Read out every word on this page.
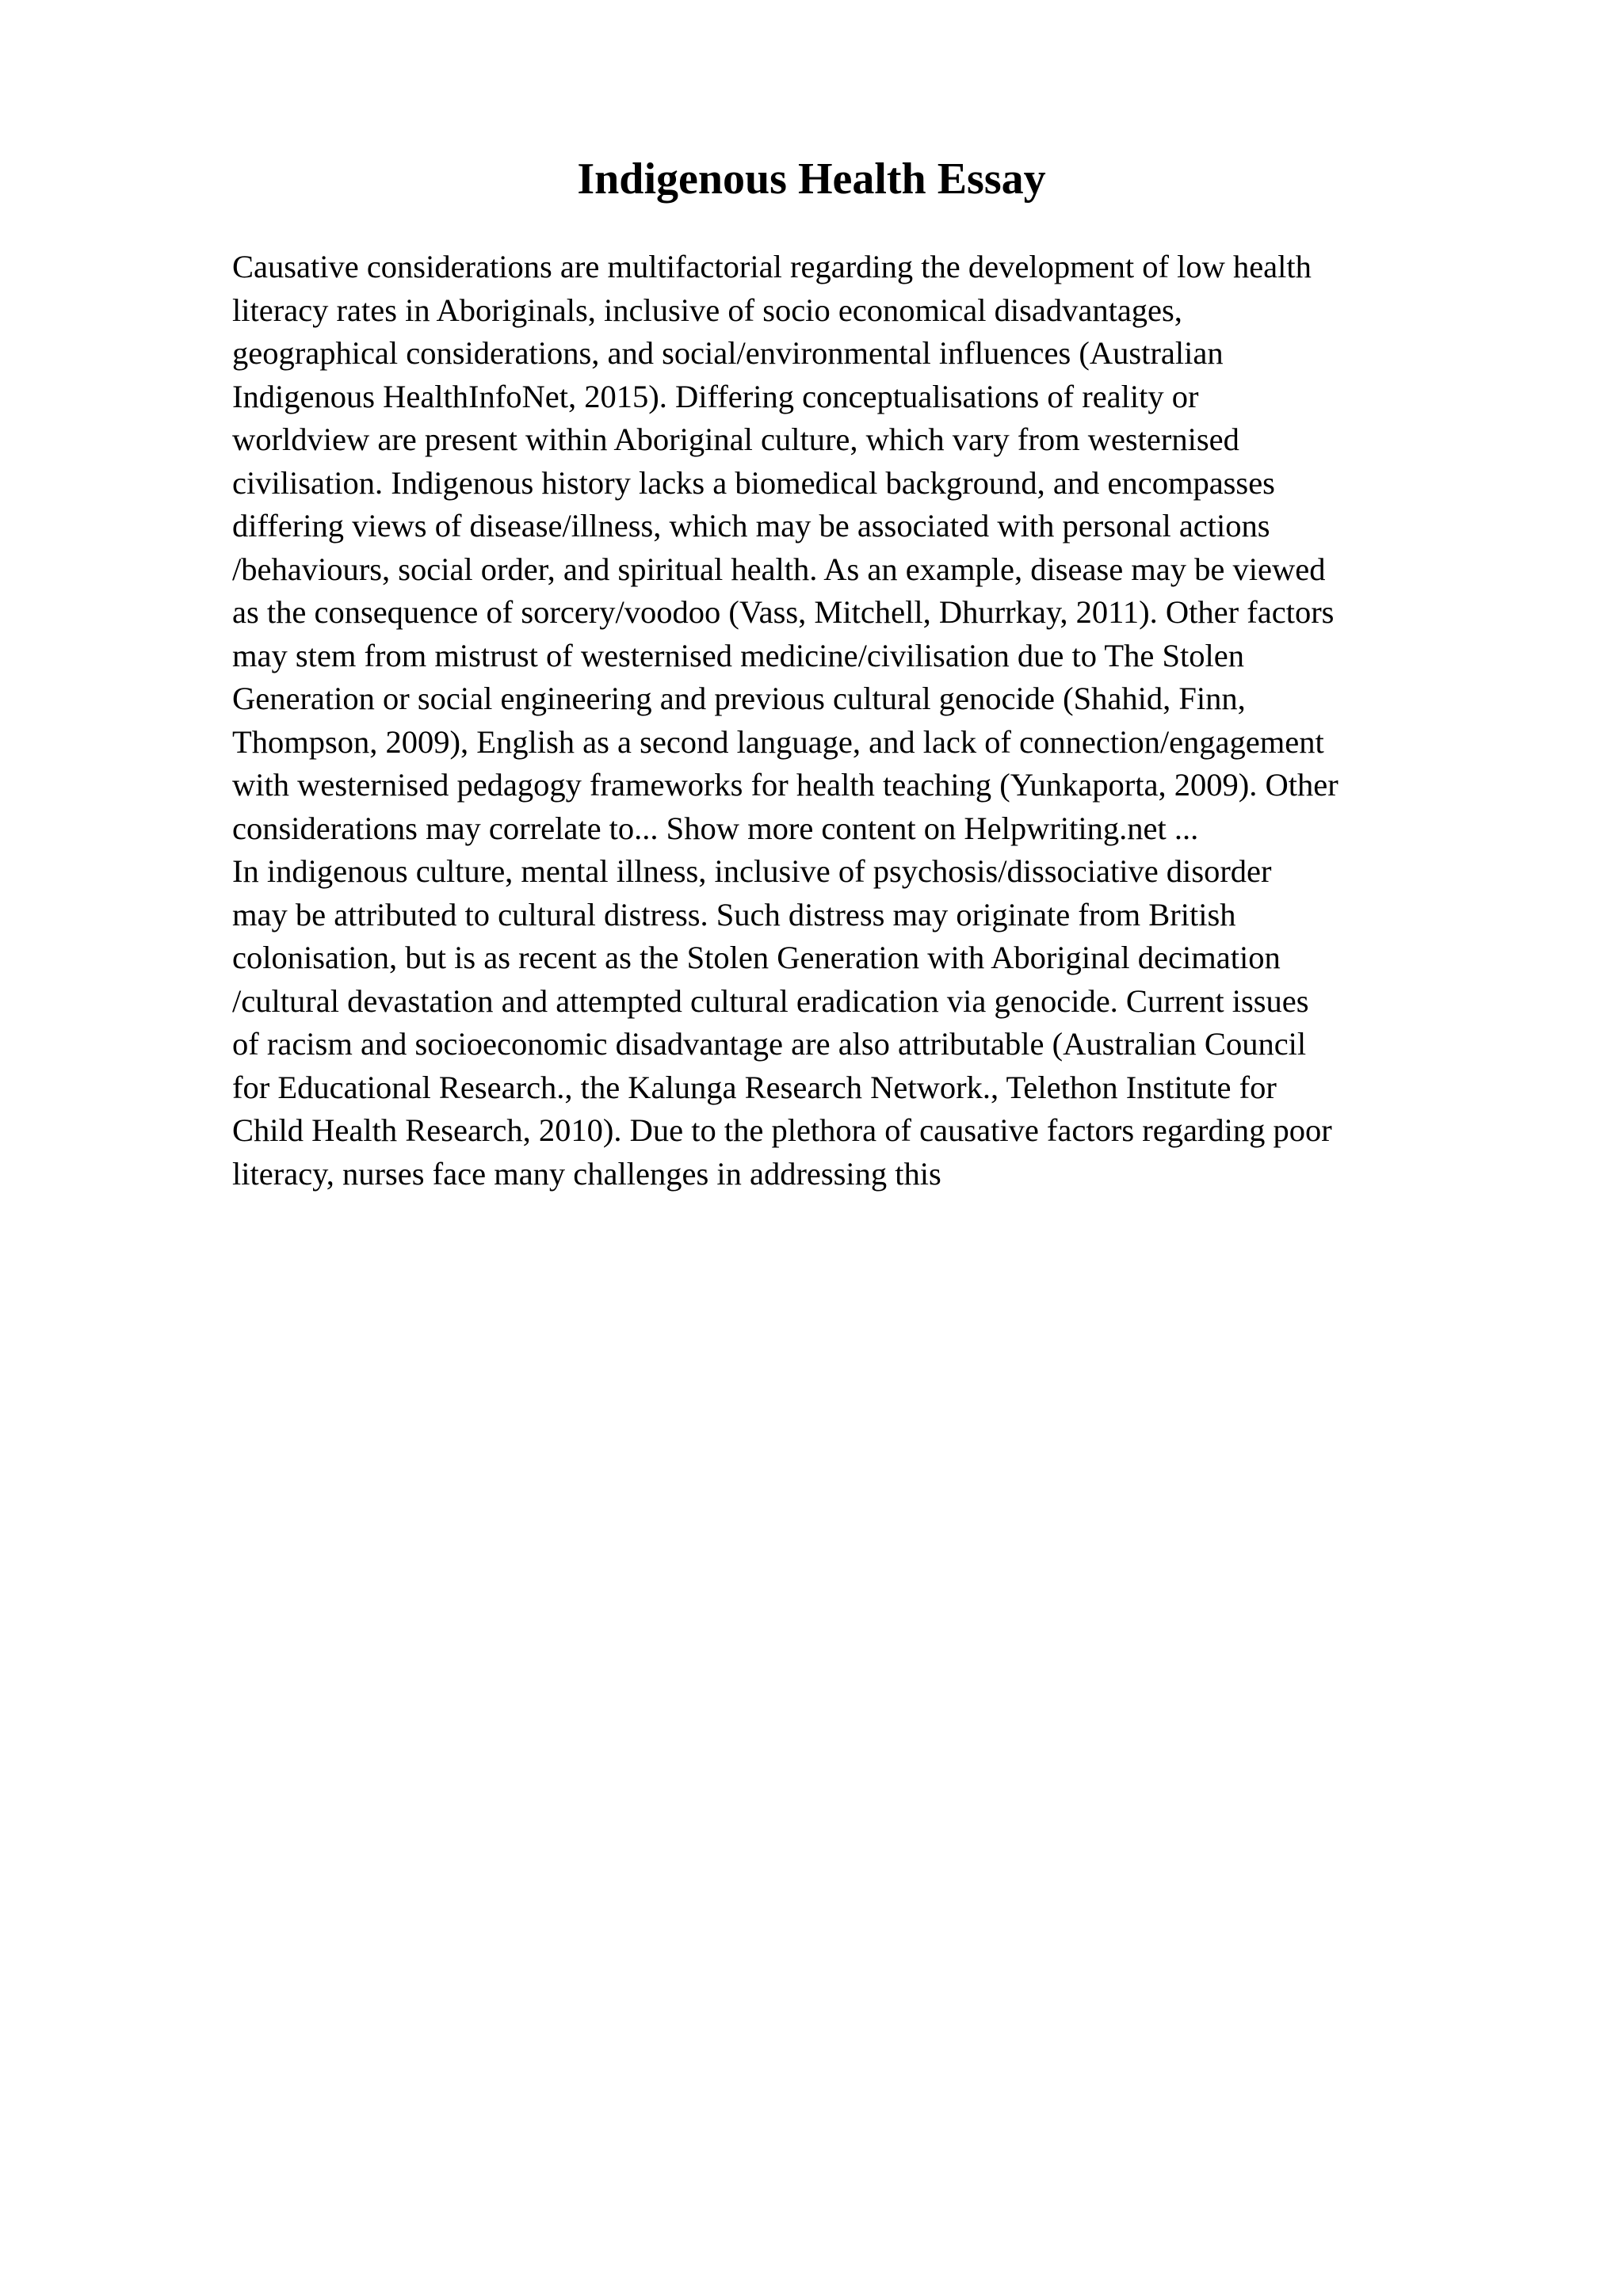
Indigenous Health Essay
Causative considerations are multifactorial regarding the development of low health
literacy rates in Aboriginals, inclusive of socio economical disadvantages,
geographical considerations, and social/environmental influences (Australian
Indigenous HealthInfoNet, 2015). Differing conceptualisations of reality or
worldview are present within Aboriginal culture, which vary from westernised
civilisation. Indigenous history lacks a biomedical background, and encompasses
differing views of disease/illness, which may be associated with personal actions
/behaviours, social order, and spiritual health. As an example, disease may be viewed
as the consequence of sorcery/voodoo (Vass, Mitchell, Dhurrkay, 2011). Other factors
may stem from mistrust of westernised medicine/civilisation due to The Stolen
Generation or social engineering and previous cultural genocide (Shahid, Finn,
Thompson, 2009), English as a second language, and lack of connection/engagement
with westernised pedagogy frameworks for health teaching (Yunkaporta, 2009). Other
considerations may correlate to... Show more content on Helpwriting.net ...
In indigenous culture, mental illness, inclusive of psychosis/dissociative disorder
may be attributed to cultural distress. Such distress may originate from British
colonisation, but is as recent as the Stolen Generation with Aboriginal decimation
/cultural devastation and attempted cultural eradication via genocide. Current issues
of racism and socioeconomic disadvantage are also attributable (Australian Council
for Educational Research., the Kalunga Research Network., Telethon Institute for
Child Health Research, 2010). Due to the plethora of causative factors regarding poor
literacy, nurses face many challenges in addressing this
